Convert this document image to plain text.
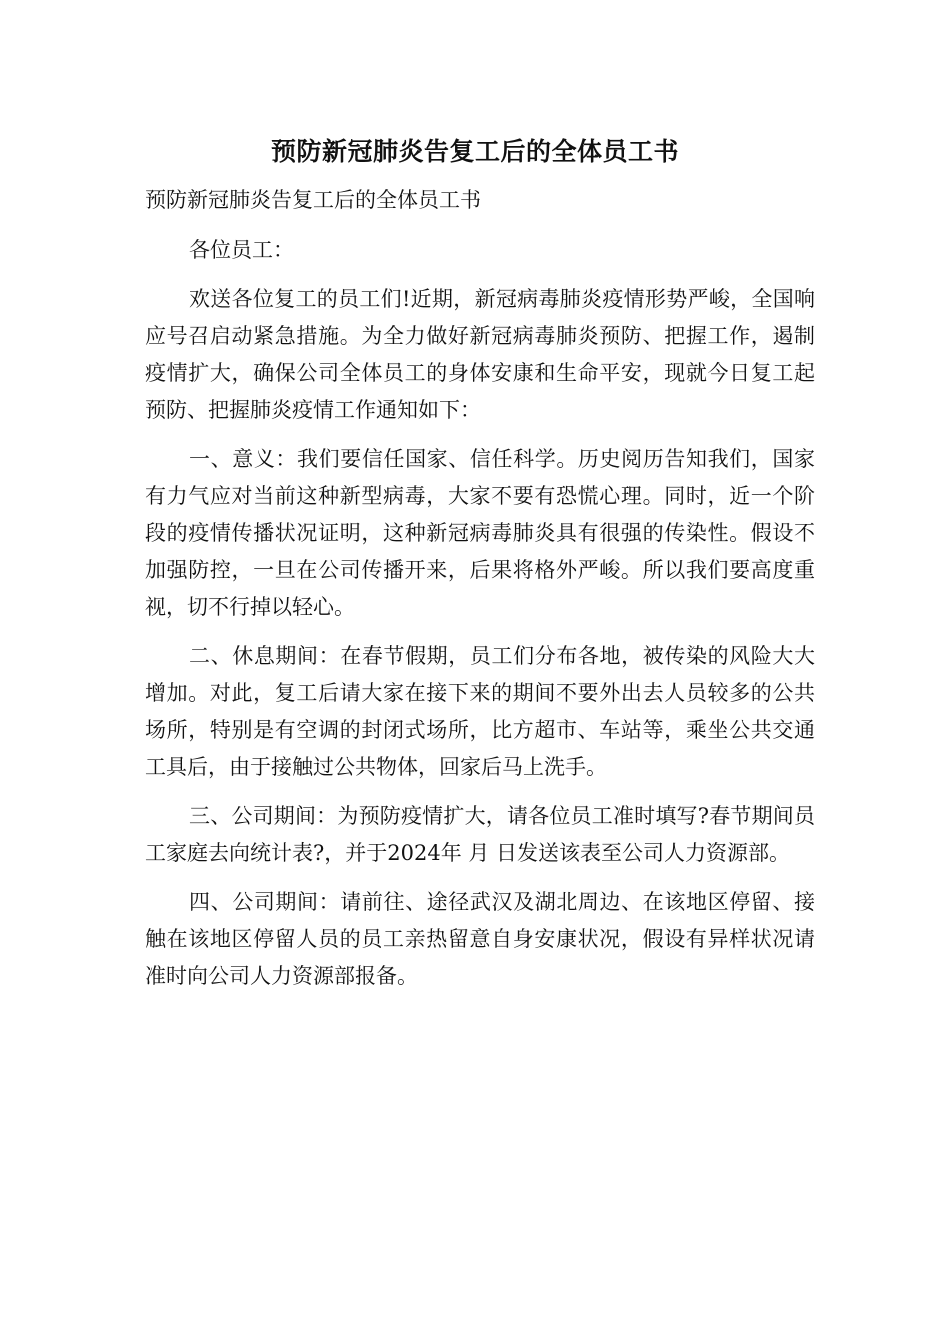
预防新冠肺炎告复工后的全体员工书

预防新冠肺炎告复工后的全体员工书

各位员工：

欢送各位复工的员工们!近期，新冠病毒肺炎疫情形势严峻，全国响应号召启动紧急措施。为全力做好新冠病毒肺炎预防、把握工作，遏制疫情扩大，确保公司全体员工的身体安康和生命平安，现就今日复工起预防、把握肺炎疫情工作通知如下：

一、意义：我们要信任国家、信任科学。历史阅历告知我们，国家有力气应对当前这种新型病毒，大家不要有恐慌心理。同时，近一个阶段的疫情传播状况证明，这种新冠病毒肺炎具有很强的传染性。假设不加强防控，一旦在公司传播开来，后果将格外严峻。所以我们要高度重视，切不行掉以轻心。

二、休息期间：在春节假期，员工们分布各地，被传染的风险大大增加。对此，复工后请大家在接下来的期间不要外出去人员较多的公共场所，特别是有空调的封闭式场所，比方超市、车站等，乘坐公共交通工具后，由于接触过公共物体，回家后马上洗手。

三、公司期间：为预防疫情扩大，请各位员工准时填写?春节期间员工家庭去向统计表?，并于2024年 月 日发送该表至公司人力资源部。

四、公司期间：请前往、途径武汉及湖北周边、在该地区停留、接触在该地区停留人员的员工亲热留意自身安康状况，假设有异样状况请准时向公司人力资源部报备。
